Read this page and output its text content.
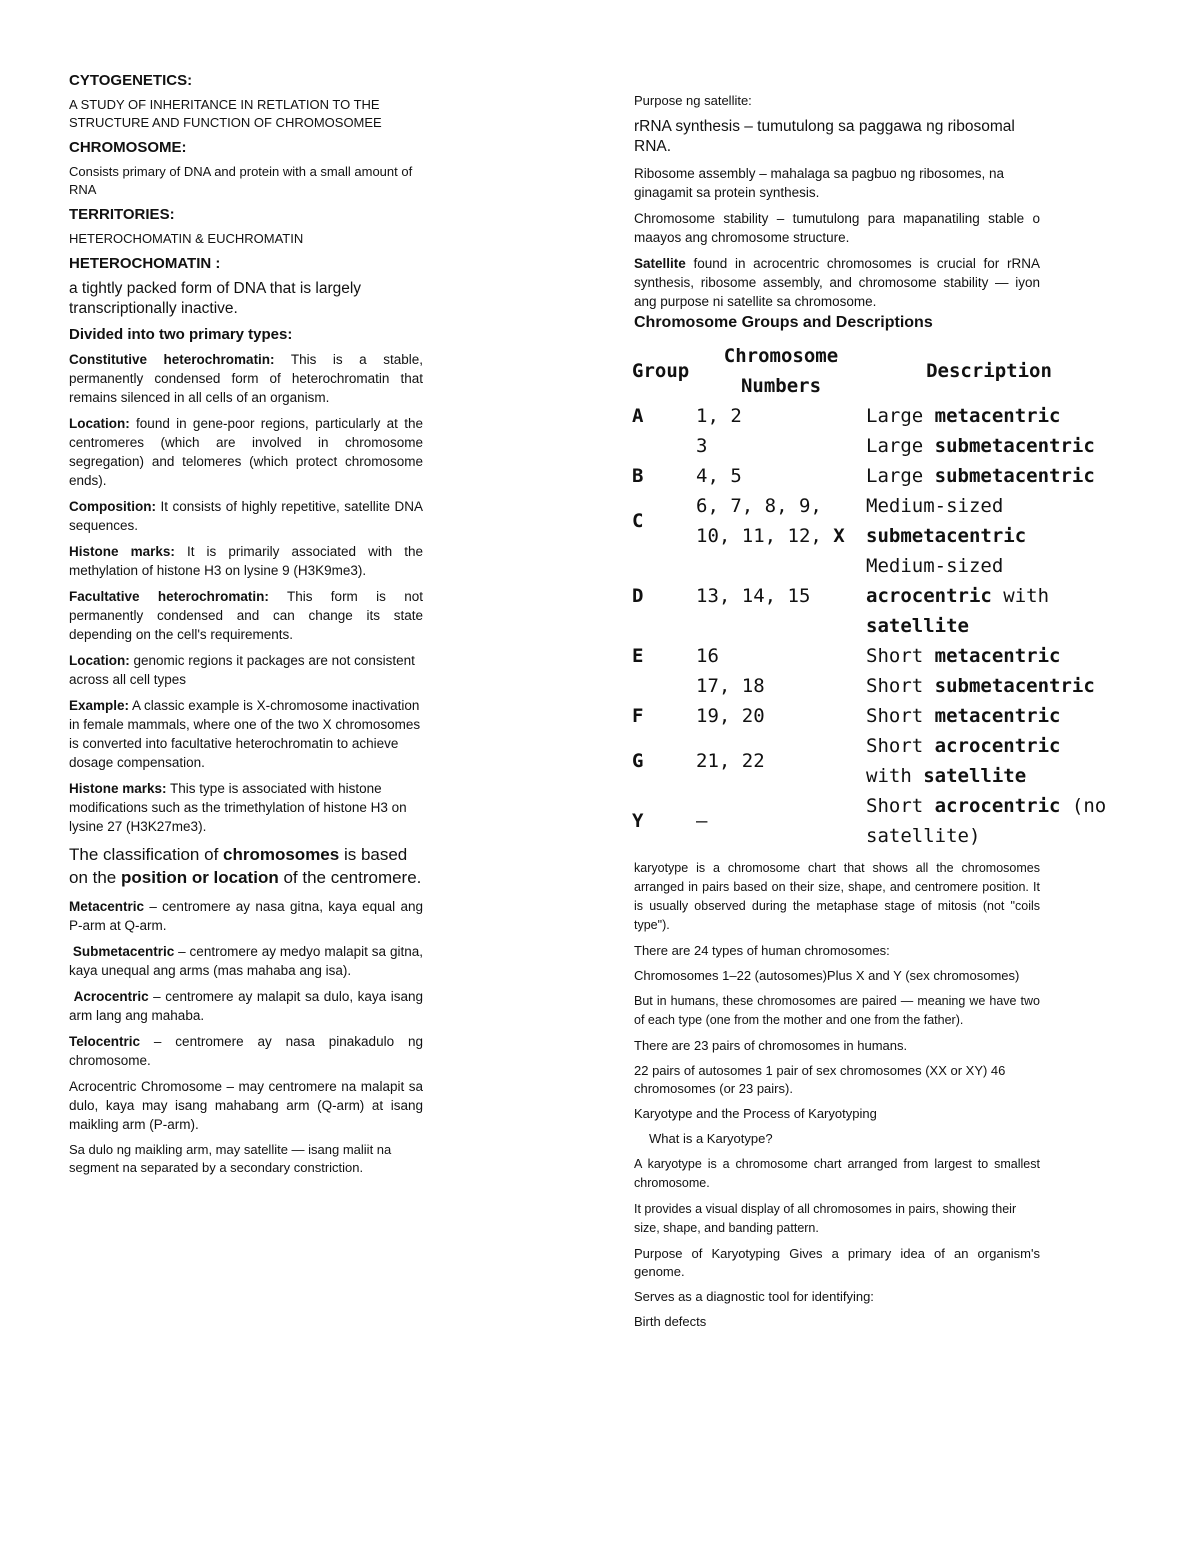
CYTOGENETICS:

A STUDY OF INHERITANCE IN RETLATION TO THE STRUCTURE AND FUNCTION OF CHROMOSOMEE

CHROMOSOME:

Consists primary of DNA and protein with a small amount of RNA

TERRITORIES:

HETEROCHOMATIN & EUCHROMATIN

HETEROCHOMATIN :

a tightly packed form of DNA that is largely transcriptionally inactive.

Divided into two primary types:

Constitutive heterochromatin: This is a stable, permanently condensed form of heterochromatin that remains silenced in all cells of an organism.

Location: found in gene-poor regions, particularly at the centromeres (which are involved in chromosome segregation) and telomeres (which protect chromosome ends).

Composition: It consists of highly repetitive, satellite DNA sequences.

Histone marks: It is primarily associated with the methylation of histone H3 on lysine 9 (H3K9me3).

Facultative heterochromatin: This form is not permanently condensed and can change its state depending on the cell's requirements.

Location: genomic regions it packages are not consistent across all cell types

Example: A classic example is X-chromosome inactivation in female mammals, where one of the two X chromosomes is converted into facultative heterochromatin to achieve dosage compensation.

Histone marks: This type is associated with histone modifications such as the trimethylation of histone H3 on lysine 27 (H3K27me3).

The classification of chromosomes is based on the position or location of the centromere.

Metacentric – centromere ay nasa gitna, kaya equal ang P-arm at Q-arm.

Submetacentric – centromere ay medyo malapit sa gitna, kaya unequal ang arms (mas mahaba ang isa).

Acrocentric – centromere ay malapit sa dulo, kaya isang arm lang ang mahaba.

Telocentric – centromere ay nasa pinakadulo ng chromosome.

Acrocentric Chromosome – may centromere na malapit sa dulo, kaya may isang mahabang arm (Q-arm) at isang maikling arm (P-arm).

Sa dulo ng maikling arm, may satellite — isang maliit na segment na separated by a secondary constriction.

Purpose ng satellite:

rRNA synthesis – tumutulong sa paggawa ng ribosomal RNA.

Ribosome assembly – mahalaga sa pagbuo ng ribosomes, na ginagamit sa protein synthesis.

Chromosome stability – tumutulong para mapanatiling stable o maayos ang chromosome structure.

Satellite found in acrocentric chromosomes is crucial for rRNA synthesis, ribosome assembly, and chromosome stability — iyon ang purpose ni satellite sa chromosome.

Chromosome Groups and Descriptions

Group	Chromosome Numbers	Description
A	1, 2	Large metacentric
	3	Large submetacentric
B	4, 5	Large submetacentric
C	6, 7, 8, 9, 10, 11, 12, X	Medium-sized submetacentric
D	13, 14, 15	Medium-sized acrocentric with satellite
E	16	Short metacentric
	17, 18	Short submetacentric
F	19, 20	Short metacentric
G	21, 22	Short acrocentric with satellite
Y	—	Short acrocentric (no satellite)

karyotype is a chromosome chart that shows all the chromosomes arranged in pairs based on their size, shape, and centromere position. It is usually observed during the metaphase stage of mitosis (not "coils type").

There are 24 types of human chromosomes:

Chromosomes 1–22 (autosomes)Plus X and Y (sex chromosomes)

But in humans, these chromosomes are paired — meaning we have two of each type (one from the mother and one from the father).

There are 23 pairs of chromosomes in humans.

22 pairs of autosomes 1 pair of sex chromosomes (XX or XY) 46 chromosomes (or 23 pairs).

Karyotype and the Process of Karyotyping

What is a Karyotype?

A karyotype is a chromosome chart arranged from largest to smallest chromosome.

It provides a visual display of all chromosomes in pairs, showing their size, shape, and banding pattern.

Purpose of Karyotyping Gives a primary idea of an organism's genome.

Serves as a diagnostic tool for identifying:

Birth defects
